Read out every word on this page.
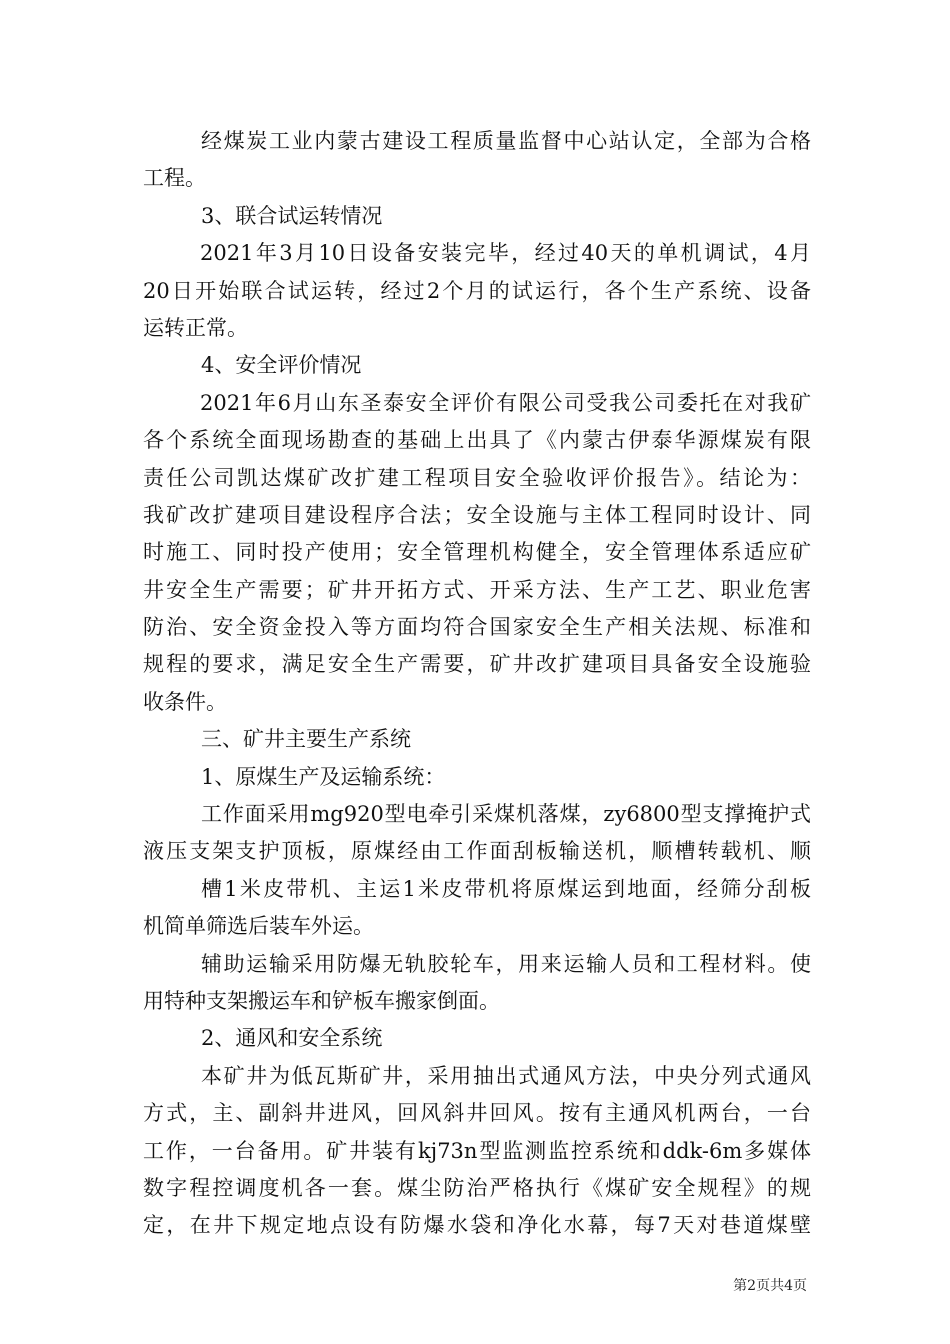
经煤炭工业内蒙古建设工程质量监督中心站认定，全部为合格
工程。
3、联合试运转情况
2021年3月10日设备安装完毕，经过40天的单机调试，4月
20日开始联合试运转，经过2个月的试运行，各个生产系统、设备
运转正常。
4、安全评价情况
2021年6月山东圣泰安全评价有限公司受我公司委托在对我矿
各个系统全面现场勘查的基础上出具了《内蒙古伊泰华源煤炭有限
责任公司凯达煤矿改扩建工程项目安全验收评价报告》。结论为：
我矿改扩建项目建设程序合法；安全设施与主体工程同时设计、同
时施工、同时投产使用；安全管理机构健全，安全管理体系适应矿
井安全生产需要；矿井开拓方式、开采方法、生产工艺、职业危害
防治、安全资金投入等方面均符合国家安全生产相关法规、标准和
规程的要求，满足安全生产需要，矿井改扩建项目具备安全设施验
收条件。
三、矿井主要生产系统
1、原煤生产及运输系统：
工作面采用mg920型电牵引采煤机落煤，zy6800型支撑掩护式
液压支架支护顶板，原煤经由工作面刮板输送机，顺槽转载机、顺
槽1米皮带机、主运1米皮带机将原煤运到地面，经筛分刮板
机简单筛选后装车外运。
辅助运输采用防爆无轨胶轮车，用来运输人员和工程材料。使
用特种支架搬运车和铲板车搬家倒面。
2、通风和安全系统
本矿井为低瓦斯矿井，采用抽出式通风方法，中央分列式通风
方式，主、副斜井进风，回风斜井回风。按有主通风机两台，一台
工作，一台备用。矿井装有kj73n型监测监控系统和ddk-6m多媒体
数字程控调度机各一套。煤尘防治严格执行《煤矿安全规程》的规
定，在井下规定地点设有防爆水袋和净化水幕，每7天对巷道煤壁
第2页共4页
